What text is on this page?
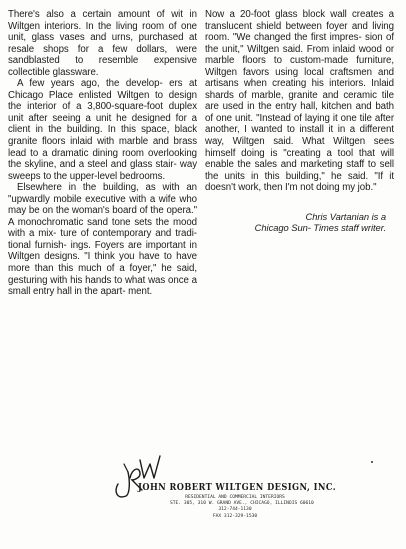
There's also a certain amount of wit in Wiltgen interiors. In the living room of one unit, glass vases and urns, purchased at resale shops for a few dollars, were sandblasted to resemble expensive collectible glassware.

A few years ago, the develop- ers at Chicago Place enlisted Wiltgen to design the interior of a 3,800-square-foot duplex unit after seeing a unit he designed for a client in the building. In this space, black granite floors inlaid with marble and brass lead to a dramatic dining room overlooking the skyline, and a steel and glass stair- way sweeps to the upper-level bedrooms.

Elsewhere in the building, as with an "upwardly mobile executive with a wife who may be on the woman's board of the opera." A monochromatic sand tone sets the mood with a mix- ture of contemporary and tradi- tional furnish- ings. Foyers are important in Wiltgen designs. "I think you have to have more than this much of a foyer," he said, gesturing with his hands to what was once a small entry hall in the apart- ment.

Now a 20-foot glass block wall creates a translucent shield between foyer and living room. "We changed the first impres- sion of the unit," Wiltgen said. From inlaid wood or marble floors to custom-made furniture, Wiltgen favors using local craftsmen and artisans when creating his interiors. Inlaid shards of marble, granite and ceramic tile are used in the entry hall, kitchen and bath of one unit. "Instead of laying it one tile after another, I wanted to install it in a different way, Wiltgen said. What Wiltgen sees himself doing is "creating a tool that will enable the sales and marketing staff to sell the units in this building," he said. "If it doesn't work, then I'm not doing my job."

Chris Vartanian is a
Chicago Sun- Times staff writer.
JOHN ROBERT WILTGEN DESIGN, INC.
RESIDENTIAL AND COMMERCIAL INTERIORS
STE. 305, 310 W. GRAND AVE., CHICAGO, ILLINOIS 60610
312-744-1130
FAX 312-329-1530
